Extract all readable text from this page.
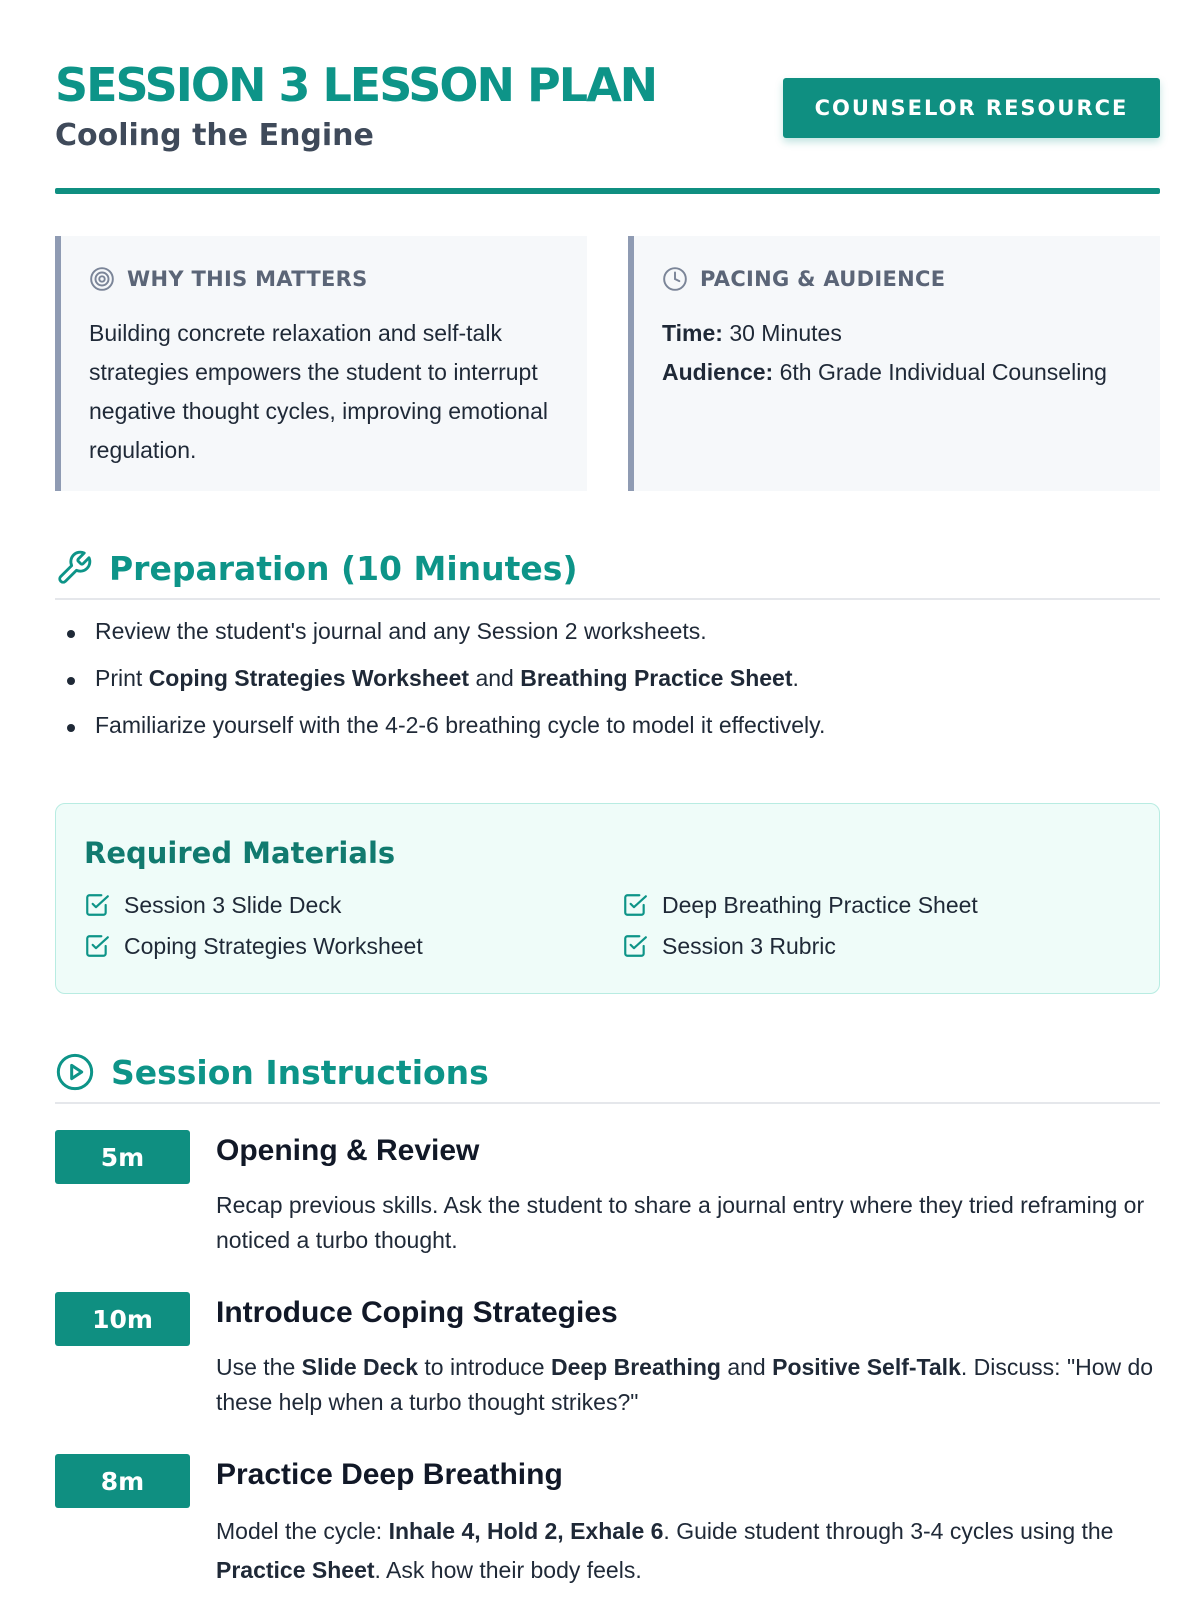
SESSION 3 LESSON PLAN
Cooling the Engine
COUNSELOR RESOURCE
WHY THIS MATTERS
Building concrete relaxation and self-talk strategies empowers the student to interrupt negative thought cycles, improving emotional regulation.
PACING & AUDIENCE
Time: 30 Minutes
Audience: 6th Grade Individual Counseling
Preparation (10 Minutes)
Review the student's journal and any Session 2 worksheets.
Print Coping Strategies Worksheet and Breathing Practice Sheet.
Familiarize yourself with the 4-2-6 breathing cycle to model it effectively.
Required Materials
Session 3 Slide Deck	Deep Breathing Practice Sheet
Coping Strategies Worksheet	Session 3 Rubric
Session Instructions
5m	Opening & Review
Recap previous skills. Ask the student to share a journal entry where they tried reframing or noticed a turbo thought.
10m	Introduce Coping Strategies
Use the Slide Deck to introduce Deep Breathing and Positive Self-Talk. Discuss: "How do these help when a turbo thought strikes?"
8m	Practice Deep Breathing
Model the cycle: Inhale 4, Hold 2, Exhale 6. Guide student through 3-4 cycles using the Practice Sheet. Ask how their body feels.
